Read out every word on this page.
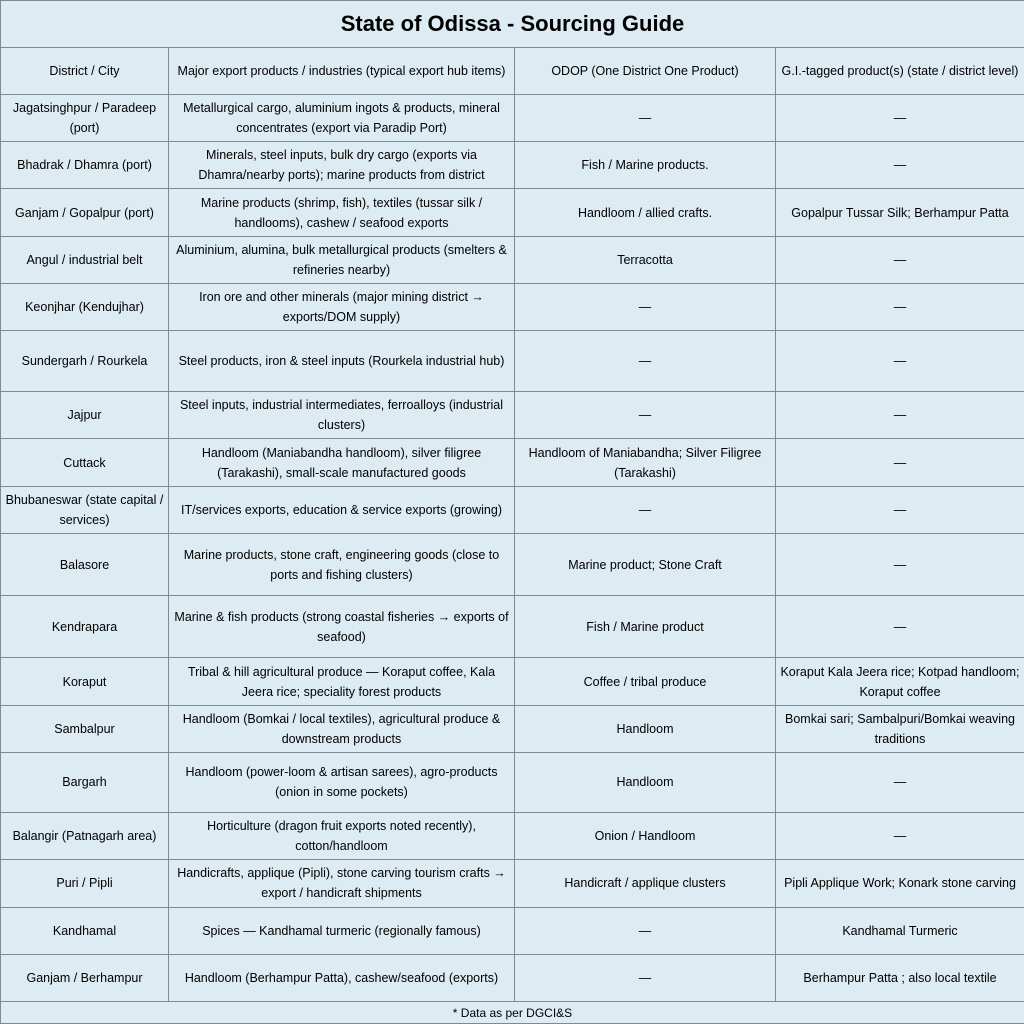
State of Odissa - Sourcing Guide			
District / City	Major export products / industries (typical export hub items)	ODOP (One District One Product)	G.I.-tagged product(s) (state / district level)
Jagatsinghpur / Paradeep (port)	Metallurgical cargo, aluminium ingots & products, mineral concentrates (export via Paradip Port)	—	—
Bhadrak / Dhamra (port)	Minerals, steel inputs, bulk dry cargo (exports via Dhamra/nearby ports); marine products from district	Fish / Marine products.	—
Ganjam / Gopalpur (port)	Marine products (shrimp, fish), textiles (tussar silk / handlooms), cashew / seafood exports	Handloom / allied crafts.	Gopalpur Tussar Silk; Berhampur Patta
Angul / industrial belt	Aluminium, alumina, bulk metallurgical products (smelters & refineries nearby)	Terracotta	—
Keonjhar (Kendujhar)	Iron ore and other minerals (major mining district → exports/DOM supply)	—	—
Sundergarh / Rourkela	Steel products, iron & steel inputs (Rourkela industrial hub)	—	—
Jajpur	Steel inputs, industrial intermediates, ferroalloys (industrial clusters)	—	—
Cuttack	Handloom (Maniabandha handloom), silver filigree (Tarakashi), small-scale manufactured goods	Handloom of Maniabandha; Silver Filigree (Tarakashi)	—
Bhubaneswar (state capital / services)	IT/services exports, education & service exports (growing)	—	—
Balasore	Marine products, stone craft, engineering goods (close to ports and fishing clusters)	Marine product; Stone Craft	—
Kendrapara	Marine & fish products (strong coastal fisheries → exports of seafood)	Fish / Marine product	—
Koraput	Tribal & hill agricultural produce — Koraput coffee, Kala Jeera rice; speciality forest products	Coffee / tribal produce	Koraput Kala Jeera rice; Kotpad handloom; Koraput coffee
Sambalpur	Handloom (Bomkai / local textiles), agricultural produce & downstream products	Handloom	Bomkai sari; Sambalpuri/Bomkai weaving traditions
Bargarh	Handloom (power-loom & artisan sarees), agro-products (onion in some pockets)	Handloom	—
Balangir (Patnagarh area)	Horticulture (dragon fruit exports noted recently), cotton/handloom	Onion / Handloom	—
Puri / Pipli	Handicrafts, applique (Pipli), stone carving tourism crafts → export / handicraft shipments	Handicraft / applique clusters	Pipli Applique Work; Konark stone carving
Kandhamal	Spices — Kandhamal turmeric (regionally famous)	—	Kandhamal Turmeric
Ganjam / Berhampur	Handloom (Berhampur Patta), cashew/seafood (exports)	—	Berhampur Patta ; also local textile
* Data as per DGCI&S			
